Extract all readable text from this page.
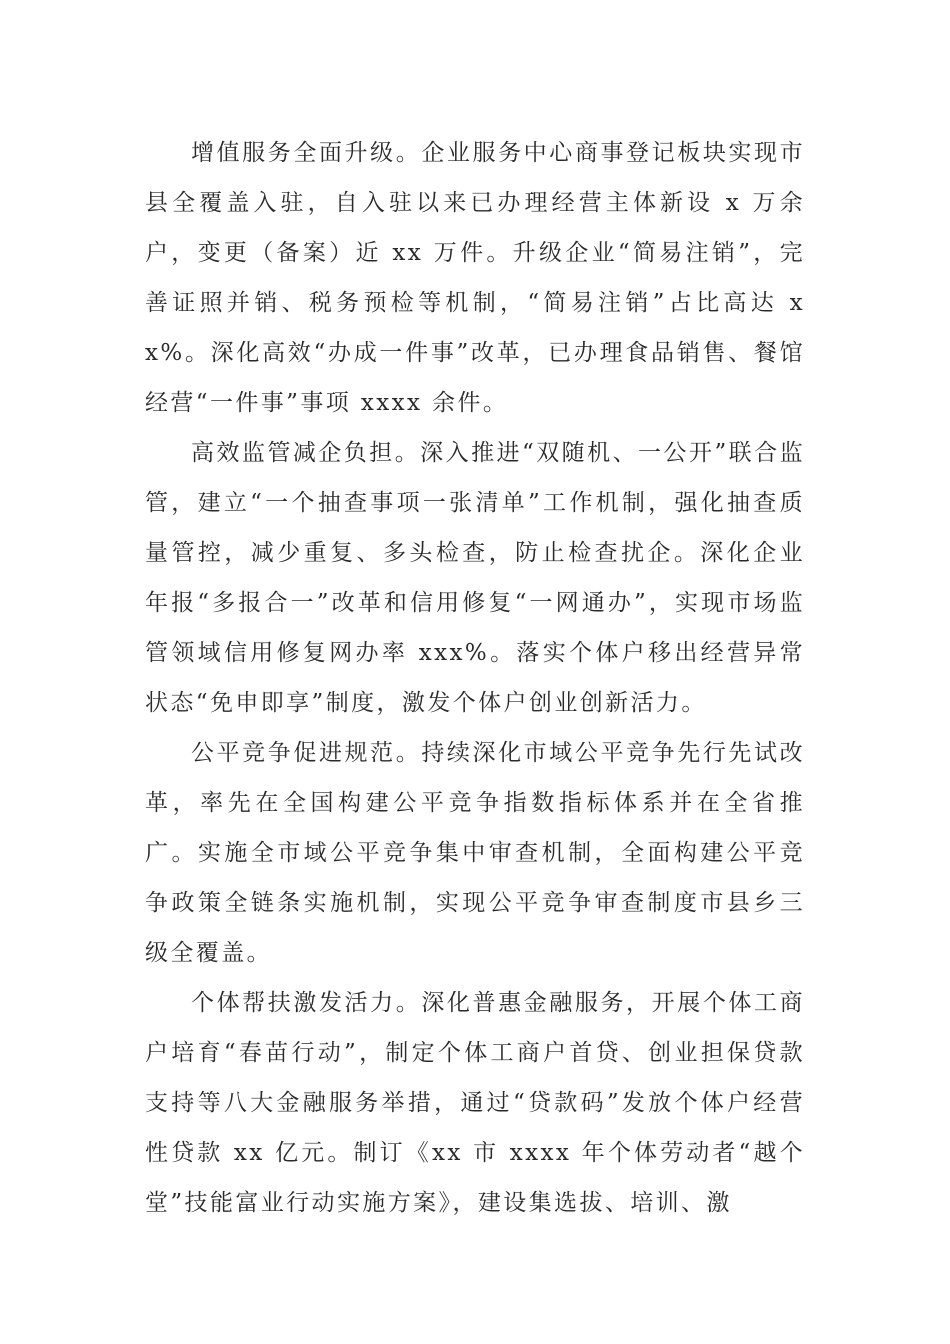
增值服务全面升级。企业服务中心商事登记板块实现市县全覆盖入驻，自入驻以来已办理经营主体新设 x 万余户，变更（备案）近 xx 万件。升级企业“简易注销”，完善证照并销、税务预检等机制，“简易注销”占比高达 xx%。深化高效“办成一件事”改革，已办理食品销售、餐馆经营“一件事”事项 xxxx 余件。

高效监管减企负担。深入推进“双随机、一公开”联合监管，建立“一个抽查事项一张清单”工作机制，强化抽查质量管控，减少重复、多头检查，防止检查扰企。深化企业年报“多报合一”改革和信用修复“一网通办”，实现市场监管领域信用修复网办率 xxx%。落实个体户移出经营异常状态“免申即享”制度，激发个体户创业创新活力。

公平竞争促进规范。持续深化市域公平竞争先行先试改革，率先在全国构建公平竞争指数指标体系并在全省推广。实施全市域公平竞争集中审查机制，全面构建公平竞争政策全链条实施机制，实现公平竞争审查制度市县乡三级全覆盖。

个体帮扶激发活力。深化普惠金融服务，开展个体工商户培育“春苗行动”，制定个体工商户首贷、创业担保贷款支持等八大金融服务举措，通过“贷款码”发放个体户经营性贷款 xx 亿元。制订《xx 市 xxxx 年个体劳动者“越个堂”技能富业行动实施方案》，建设集选拔、培训、激
